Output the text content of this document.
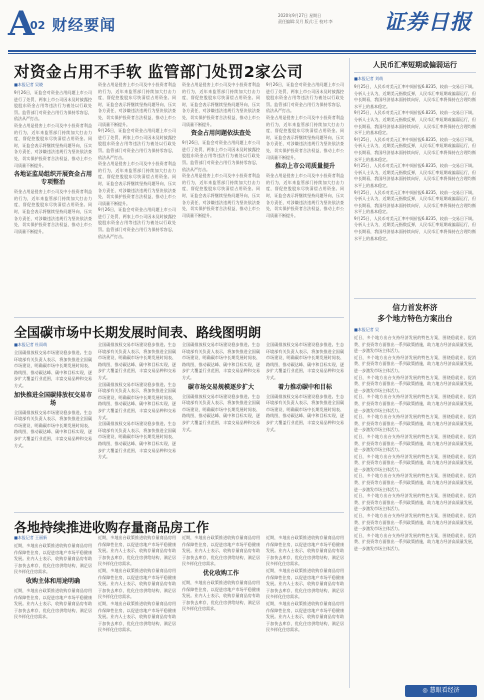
A
02 财经要闻
2020年9月27日 星期日
责任编辑:吴月 版式:王 校对:李	证券日报
对资金占用不手软 监管部门处罚2家公司
■本报记者 吴晓
9月26日，证监会对资金占用问题上市公司进行了处罚，两家上市公司因未及时披露控股股东资金占用等违法行为被处以行政处罚。监管部门对资金占用行为保持零容忍，依法从严打击。
资金占用是侵害上市公司及中小投资者利益的行为，近年来监管部门持续加大打击力度，督促控股股东尽快清偿占用资金。同时，证监会表示将继续坚持问题导向，压实各方责任，对涉嫌违法违规行为坚决依法查处，切实保护投资者合法权益，推动上市公司质量不断提升。
各地证监局组织开展资金占用专项整治
资金占用是侵害上市公司及中小投资者利益的行为，近年来监管部门持续加大打击力度，督促控股股东尽快清偿占用资金。同时，证监会表示将继续坚持问题导向，压实各方责任，对涉嫌违法违规行为坚决依法查处，切实保护投资者合法权益，推动上市公司质量不断提升。
资金占用是侵害上市公司及中小投资者利益的行为，近年来监管部门持续加大打击力度，督促控股股东尽快清偿占用资金。同时，证监会表示将继续坚持问题导向，压实各方责任，对涉嫌违法违规行为坚决依法查处，切实保护投资者合法权益，推动上市公司质量不断提升。
9月26日，证监会对资金占用问题上市公司进行了处罚，两家上市公司因未及时披露控股股东资金占用等违法行为被处以行政处罚。监管部门对资金占用行为保持零容忍，依法从严打击。
资金占用是侵害上市公司及中小投资者利益的行为，近年来监管部门持续加大打击力度，督促控股股东尽快清偿占用资金。同时，证监会表示将继续坚持问题导向，压实各方责任，对涉嫌违法违规行为坚决依法查处，切实保护投资者合法权益，推动上市公司质量不断提升。
9月26日，证监会对资金占用问题上市公司进行了处罚，两家上市公司因未及时披露控股股东资金占用等违法行为被处以行政处罚。监管部门对资金占用行为保持零容忍，依法从严打击。
资金占用是侵害上市公司及中小投资者利益的行为，近年来监管部门持续加大打击力度，督促控股股东尽快清偿占用资金。同时，证监会表示将继续坚持问题导向，压实各方责任，对涉嫌违法违规行为坚决依法查处，切实保护投资者合法权益，推动上市公司质量不断提升。
资金占用问题依法查处
9月26日，证监会对资金占用问题上市公司进行了处罚，两家上市公司因未及时披露控股股东资金占用等违法行为被处以行政处罚。监管部门对资金占用行为保持零容忍，依法从严打击。
资金占用是侵害上市公司及中小投资者利益的行为，近年来监管部门持续加大打击力度，督促控股股东尽快清偿占用资金。同时，证监会表示将继续坚持问题导向，压实各方责任，对涉嫌违法违规行为坚决依法查处，切实保护投资者合法权益，推动上市公司质量不断提升。
9月26日，证监会对资金占用问题上市公司进行了处罚，两家上市公司因未及时披露控股股东资金占用等违法行为被处以行政处罚。监管部门对资金占用行为保持零容忍，依法从严打击。
资金占用是侵害上市公司及中小投资者利益的行为，近年来监管部门持续加大打击力度，督促控股股东尽快清偿占用资金。同时，证监会表示将继续坚持问题导向，压实各方责任，对涉嫌违法违规行为坚决依法查处，切实保护投资者合法权益，推动上市公司质量不断提升。
推动上市公司质量提升
资金占用是侵害上市公司及中小投资者利益的行为，近年来监管部门持续加大打击力度，督促控股股东尽快清偿占用资金。同时，证监会表示将继续坚持问题导向，压实各方责任，对涉嫌违法违规行为坚决依法查处，切实保护投资者合法权益，推动上市公司质量不断提升。
人民币汇率短期或偏弱运行
■本报记者 刘萌
9月25日，人民币对美元汇率中间价报6.8235，较前一交易日下调。分析人士认为，近期美元指数反弹，人民币汇率短期或偏弱运行，但中长期看，我国经济基本面持续向好，人民币汇率将保持在合理均衡水平上的基本稳定。
9月25日，人民币对美元汇率中间价报6.8235，较前一交易日下调。分析人士认为，近期美元指数反弹，人民币汇率短期或偏弱运行，但中长期看，我国经济基本面持续向好，人民币汇率将保持在合理均衡水平上的基本稳定。
9月25日，人民币对美元汇率中间价报6.8235，较前一交易日下调。分析人士认为，近期美元指数反弹，人民币汇率短期或偏弱运行，但中长期看，我国经济基本面持续向好，人民币汇率将保持在合理均衡水平上的基本稳定。
9月25日，人民币对美元汇率中间价报6.8235，较前一交易日下调。分析人士认为，近期美元指数反弹，人民币汇率短期或偏弱运行，但中长期看，我国经济基本面持续向好，人民币汇率将保持在合理均衡水平上的基本稳定。
9月25日，人民币对美元汇率中间价报6.8235，较前一交易日下调。分析人士认为，近期美元指数反弹，人民币汇率短期或偏弱运行，但中长期看，我国经济基本面持续向好，人民币汇率将保持在合理均衡水平上的基本稳定。
9月25日，人民币对美元汇率中间价报6.8235，较前一交易日下调。分析人士认为，近期美元指数反弹，人民币汇率短期或偏弱运行，但中长期看，我国经济基本面持续向好，人民币汇率将保持在合理均衡水平上的基本稳定。
信力首发杯济
多个地方特色方案出台
■本报记者 吴
近日，多个地方出台支持经济发展的特色方案，围绕稳就业、促消费、扩投资等方面推出一系列政策措施，助力地方经济高质量发展，进一步激发市场主体活力。
近日，多个地方出台支持经济发展的特色方案，围绕稳就业、促消费、扩投资等方面推出一系列政策措施，助力地方经济高质量发展，进一步激发市场主体活力。
近日，多个地方出台支持经济发展的特色方案，围绕稳就业、促消费、扩投资等方面推出一系列政策措施，助力地方经济高质量发展，进一步激发市场主体活力。
近日，多个地方出台支持经济发展的特色方案，围绕稳就业、促消费、扩投资等方面推出一系列政策措施，助力地方经济高质量发展，进一步激发市场主体活力。
近日，多个地方出台支持经济发展的特色方案，围绕稳就业、促消费、扩投资等方面推出一系列政策措施，助力地方经济高质量发展，进一步激发市场主体活力。
近日，多个地方出台支持经济发展的特色方案，围绕稳就业、促消费、扩投资等方面推出一系列政策措施，助力地方经济高质量发展，进一步激发市场主体活力。
近日，多个地方出台支持经济发展的特色方案，围绕稳就业、促消费、扩投资等方面推出一系列政策措施，助力地方经济高质量发展，进一步激发市场主体活力。
近日，多个地方出台支持经济发展的特色方案，围绕稳就业、促消费、扩投资等方面推出一系列政策措施，助力地方经济高质量发展，进一步激发市场主体活力。
近日，多个地方出台支持经济发展的特色方案，围绕稳就业、促消费、扩投资等方面推出一系列政策措施，助力地方经济高质量发展，进一步激发市场主体活力。
近日，多个地方出台支持经济发展的特色方案，围绕稳就业、促消费、扩投资等方面推出一系列政策措施，助力地方经济高质量发展，进一步激发市场主体活力。
近日，多个地方出台支持经济发展的特色方案，围绕稳就业、促消费、扩投资等方面推出一系列政策措施，助力地方经济高质量发展，进一步激发市场主体活力。
全国碳市场中长期发展时间表、路线图明朗
■本报记者 杜雨萌
全国碳排放权交易市场建设稳步推进。生态环境部有关负责人表示，将加快推进全国碳市场建设，明确碳市场中长期发展时间表、路线图，推动碳达峰、碳中和目标实现，逐步扩大覆盖行业范围，丰富交易品种和交易方式。
加快推进全国碳排放权交易市场
全国碳排放权交易市场建设稳步推进。生态环境部有关负责人表示，将加快推进全国碳市场建设，明确碳市场中长期发展时间表、路线图，推动碳达峰、碳中和目标实现，逐步扩大覆盖行业范围，丰富交易品种和交易方式。
全国碳排放权交易市场建设稳步推进。生态环境部有关负责人表示，将加快推进全国碳市场建设，明确碳市场中长期发展时间表、路线图，推动碳达峰、碳中和目标实现，逐步扩大覆盖行业范围，丰富交易品种和交易方式。
全国碳排放权交易市场建设稳步推进。生态环境部有关负责人表示，将加快推进全国碳市场建设，明确碳市场中长期发展时间表、路线图，推动碳达峰、碳中和目标实现，逐步扩大覆盖行业范围，丰富交易品种和交易方式。
全国碳排放权交易市场建设稳步推进。生态环境部有关负责人表示，将加快推进全国碳市场建设，明确碳市场中长期发展时间表、路线图，推动碳达峰、碳中和目标实现，逐步扩大覆盖行业范围，丰富交易品种和交易方式。
全国碳排放权交易市场建设稳步推进。生态环境部有关负责人表示，将加快推进全国碳市场建设，明确碳市场中长期发展时间表、路线图，推动碳达峰、碳中和目标实现，逐步扩大覆盖行业范围，丰富交易品种和交易方式。
碳市场交易规模逐步扩大
全国碳排放权交易市场建设稳步推进。生态环境部有关负责人表示，将加快推进全国碳市场建设，明确碳市场中长期发展时间表、路线图，推动碳达峰、碳中和目标实现，逐步扩大覆盖行业范围，丰富交易品种和交易方式。
全国碳排放权交易市场建设稳步推进。生态环境部有关负责人表示，将加快推进全国碳市场建设，明确碳市场中长期发展时间表、路线图，推动碳达峰、碳中和目标实现，逐步扩大覆盖行业范围，丰富交易品种和交易方式。
着力推动碳中和目标
全国碳排放权交易市场建设稳步推进。生态环境部有关负责人表示，将加快推进全国碳市场建设，明确碳市场中长期发展时间表、路线图，推动碳达峰、碳中和目标实现，逐步扩大覆盖行业范围，丰富交易品种和交易方式。
各地持续推进收购存量商品房工作
■本报记者 王丽新
近期，多地出台政策推进收购存量商品房用作保障性住房，以促进房地产市场平稳健康发展。业内人士表示，收购存量商品房有助于加快去库存，优化住房供给结构，满足居民多样化住房需求。
收购主体和用途明确
近期，多地出台政策推进收购存量商品房用作保障性住房，以促进房地产市场平稳健康发展。业内人士表示，收购存量商品房有助于加快去库存，优化住房供给结构，满足居民多样化住房需求。
近期，多地出台政策推进收购存量商品房用作保障性住房，以促进房地产市场平稳健康发展。业内人士表示，收购存量商品房有助于加快去库存，优化住房供给结构，满足居民多样化住房需求。
近期，多地出台政策推进收购存量商品房用作保障性住房，以促进房地产市场平稳健康发展。业内人士表示，收购存量商品房有助于加快去库存，优化住房供给结构，满足居民多样化住房需求。
近期，多地出台政策推进收购存量商品房用作保障性住房，以促进房地产市场平稳健康发展。业内人士表示，收购存量商品房有助于加快去库存，优化住房供给结构，满足居民多样化住房需求。
近期，多地出台政策推进收购存量商品房用作保障性住房，以促进房地产市场平稳健康发展。业内人士表示，收购存量商品房有助于加快去库存，优化住房供给结构，满足居民多样化住房需求。
优化收购工作
近期，多地出台政策推进收购存量商品房用作保障性住房，以促进房地产市场平稳健康发展。业内人士表示，收购存量商品房有助于加快去库存，优化住房供给结构，满足居民多样化住房需求。
近期，多地出台政策推进收购存量商品房用作保障性住房，以促进房地产市场平稳健康发展。业内人士表示，收购存量商品房有助于加快去库存，优化住房供给结构，满足居民多样化住房需求。
近期，多地出台政策推进收购存量商品房用作保障性住房，以促进房地产市场平稳健康发展。业内人士表示，收购存量商品房有助于加快去库存，优化住房供给结构，满足居民多样化住房需求。
近期，多地出台政策推进收购存量商品房用作保障性住房，以促进房地产市场平稳健康发展。业内人士表示，收购存量商品房有助于加快去库存，优化住房供给结构，满足居民多样化住房需求。
◎ 慧眼看经济
